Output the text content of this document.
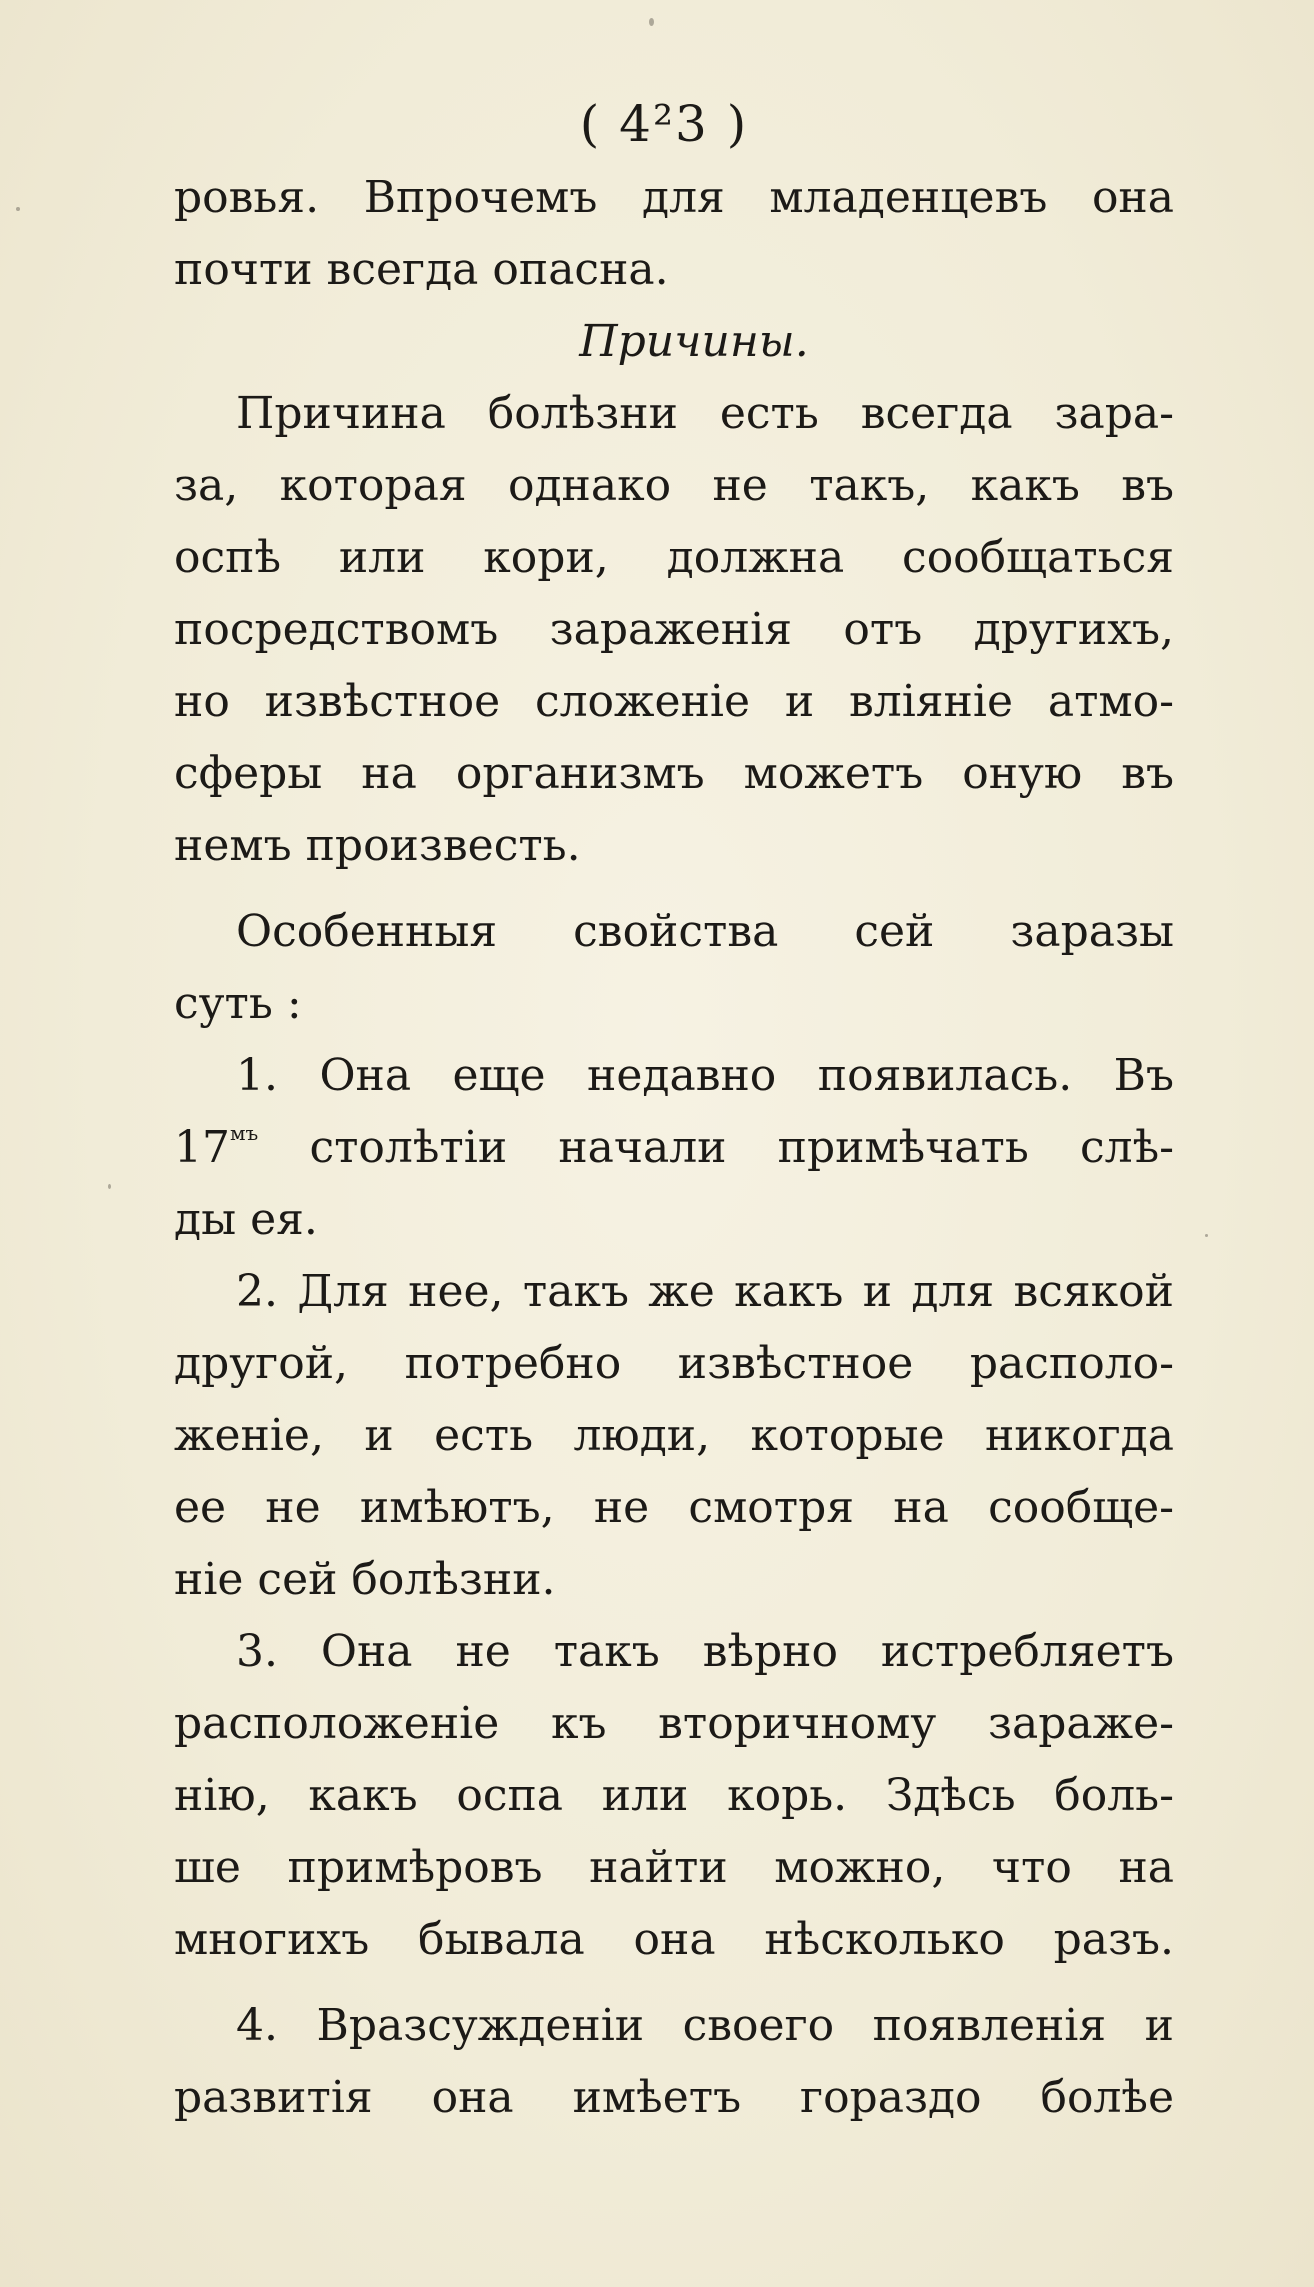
( 4²3 )
ровья. Впрочемъ для младенцевъ она
почти всегда опасна.
Причины.
Причина болѣзни есть всегда зара-
за, которая однако не такъ, какъ въ
оспѣ или кори, должна сообщаться
посредствомъ зараженія отъ другихъ,
но извѣстное сложеніе и вліяніе атмо-
сферы на организмъ можетъ оную въ
немъ произвесть.
Особенныя свойства сей заразы
суть :
1. Она еще недавно появилась. Въ
$17^{мъ}$ столѣтіи начали примѣчать слѣ-
ды ея.
2. Для нее, такъ же какъ и для всякой
другой, потребно извѣстное располо-
женіе, и есть люди, которые никогда
ее не имѣютъ, не смотря на сообще-
ніе сей болѣзни.
3. Она не такъ вѣрно истребляетъ
расположеніе къ вторичному зараже-
нію, какъ оспа или корь. Здѣсь боль-
ше примѣровъ найти можно, что на
многихъ бывала она нѣсколько разъ.
4. Вразсужденіи своего появленія и
развитія она имѣетъ гораздо болѣе
